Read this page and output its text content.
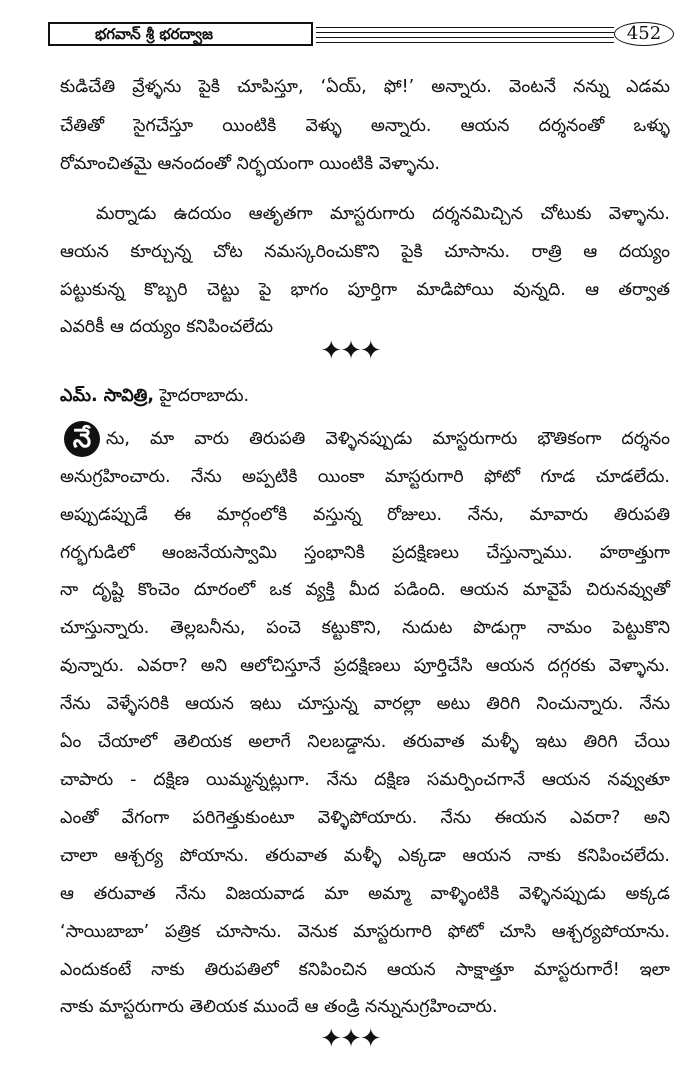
భగవాన్ శ్రీ భరద్వాజ	452
కుడిచేతి వ్రేళ్ళను పైకి చూపిస్తూ, ‘ఏయ్, ఫో!’ అన్నారు. వెంటనే నన్ను ఎడమ
చేతితో సైగచేస్తూ యింటికి వెళ్ళు అన్నారు. ఆయన దర్శనంతో ఒళ్ళు
రోమాంచితమై ఆనందంతో నిర్భయంగా యింటికి వెళ్ళాను.
మర్నాడు ఉదయం ఆతృతగా మాస్టరుగారు దర్శనమిచ్చిన చోటుకు వెళ్ళాను.
ఆయన కూర్చున్న చోట నమస్కరించుకొని పైకి చూసాను. రాత్రి ఆ దయ్యం
పట్టుకున్న కొబ్బరి చెట్టు పై భాగం పూర్తిగా మాడిపోయి వున్నది. ఆ తర్వాత
ఎవరికీ ఆ దయ్యం కనిపించలేదు
✦✦✦
ఎమ్. సావిత్రి, హైదరాబాదు.
నే ను, మా వారు తిరుపతి వెళ్ళినప్పుడు మాస్టరుగారు భౌతికంగా దర్శనం
అనుగ్రహించారు. నేను అప్పటికి యింకా మాస్టరుగారి ఫోటో గూడ చూడలేదు.
అప్పుడప్పుడే ఈ మార్గంలోకి వస్తున్న రోజులు. నేను, మావారు తిరుపతి
గర్భగుడిలో ఆంజనేయస్వామి స్తంభానికి ప్రదక్షిణలు చేస్తున్నాము. హఠాత్తుగా
నా దృష్టి కొంచెం దూరంలో ఒక వ్యక్తి మీద పడింది. ఆయన మావైపే చిరునవ్వుతో
చూస్తున్నారు. తెల్లబనీను, పంచె కట్టుకొని, నుదుట పొడుగ్గా నామం పెట్టుకొని
వున్నారు. ఎవరా? అని ఆలోచిస్తూనే ప్రదక్షిణలు పూర్తిచేసి ఆయన దగ్గరకు వెళ్ళాను.
నేను వెళ్ళేసరికి ఆయన ఇటు చూస్తున్న వారల్లా అటు తిరిగి నించున్నారు. నేను
ఏం చేయాలో తెలియక అలాగే నిలబడ్డాను. తరువాత మళ్ళీ ఇటు తిరిగి చేయి
చాపారు - దక్షిణ యిమ్మన్నట్లుగా. నేను దక్షిణ సమర్పించగానే ఆయన నవ్వుతూ
ఎంతో వేగంగా పరిగెత్తుకుంటూ వెళ్ళిపోయారు. నేను ఈయన ఎవరా? అని
చాలా ఆశ్చర్య పోయాను. తరువాత మళ్ళీ ఎక్కడా ఆయన నాకు కనిపించలేదు.
ఆ తరువాత నేను విజయవాడ మా అమ్మా వాళ్ళింటికి వెళ్ళినప్పుడు అక్కడ
‘సాయిబాబా’ పత్రిక చూసాను. వెనుక మాస్టరుగారి ఫోటో చూసి ఆశ్చర్యపోయాను.
ఎందుకంటే నాకు తిరుపతిలో కనిపించిన ఆయన సాక్షాత్తూ మాస్టరుగారే! ఇలా
నాకు మాస్టరుగారు తెలియక ముందే ఆ తండ్రి నన్నునుగ్రహించారు.
✦✦✦
